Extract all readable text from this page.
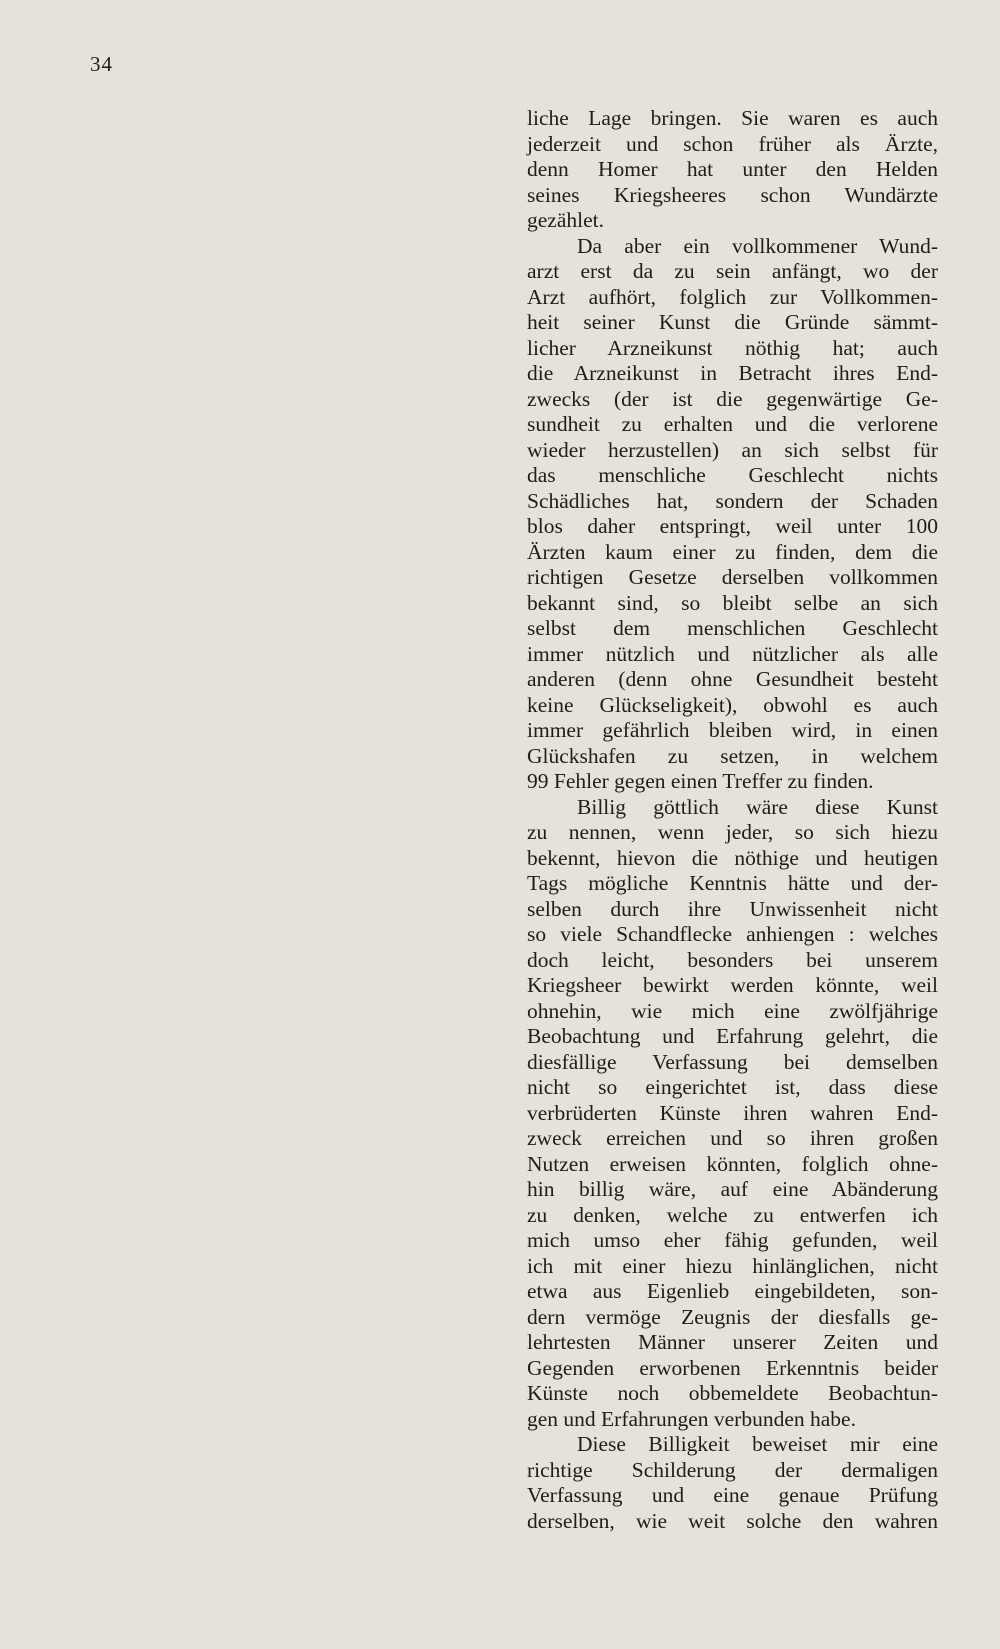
34
liche Lage bringen. Sie waren es auch
jederzeit und schon früher als Ärzte,
denn Homer hat unter den Helden
seines Kriegsheeres schon Wundärzte
gezählet.
Da aber ein vollkommener Wund-
arzt erst da zu sein anfängt, wo der
Arzt aufhört, folglich zur Vollkommen-
heit seiner Kunst die Gründe sämmt-
licher Arzneikunst nöthig hat; auch
die Arzneikunst in Betracht ihres End-
zwecks (der ist die gegenwärtige Ge-
sundheit zu erhalten und die verlorene
wieder herzustellen) an sich selbst für
das menschliche Geschlecht nichts
Schädliches hat, sondern der Schaden
blos daher entspringt, weil unter 100
Ärzten kaum einer zu finden, dem die
richtigen Gesetze derselben vollkommen
bekannt sind, so bleibt selbe an sich
selbst dem menschlichen Geschlecht
immer nützlich und nützlicher als alle
anderen (denn ohne Gesundheit besteht
keine Glückseligkeit), obwohl es auch
immer gefährlich bleiben wird, in einen
Glückshafen zu setzen, in welchem
99 Fehler gegen einen Treffer zu finden.
Billig göttlich wäre diese Kunst
zu nennen, wenn jeder, so sich hiezu
bekennt, hievon die nöthige und heutigen
Tags mögliche Kenntnis hätte und der-
selben durch ihre Unwissenheit nicht
so viele Schandflecke anhiengen : welches
doch leicht, besonders bei unserem
Kriegsheer bewirkt werden könnte, weil
ohnehin, wie mich eine zwölfjährige
Beobachtung und Erfahrung gelehrt, die
diesfällige Verfassung bei demselben
nicht so eingerichtet ist, dass diese
verbrüderten Künste ihren wahren End-
zweck erreichen und so ihren großen
Nutzen erweisen könnten, folglich ohne-
hin billig wäre, auf eine Abänderung
zu denken, welche zu entwerfen ich
mich umso eher fähig gefunden, weil
ich mit einer hiezu hinlänglichen, nicht
etwa aus Eigenlieb eingebildeten, son-
dern vermöge Zeugnis der diesfalls ge-
lehrtesten Männer unserer Zeiten und
Gegenden erworbenen Erkenntnis beider
Künste noch obbemeldete Beobachtun-
gen und Erfahrungen verbunden habe.
Diese Billigkeit beweiset mir eine
richtige Schilderung der dermaligen
Verfassung und eine genaue Prüfung
derselben, wie weit solche den wahren
